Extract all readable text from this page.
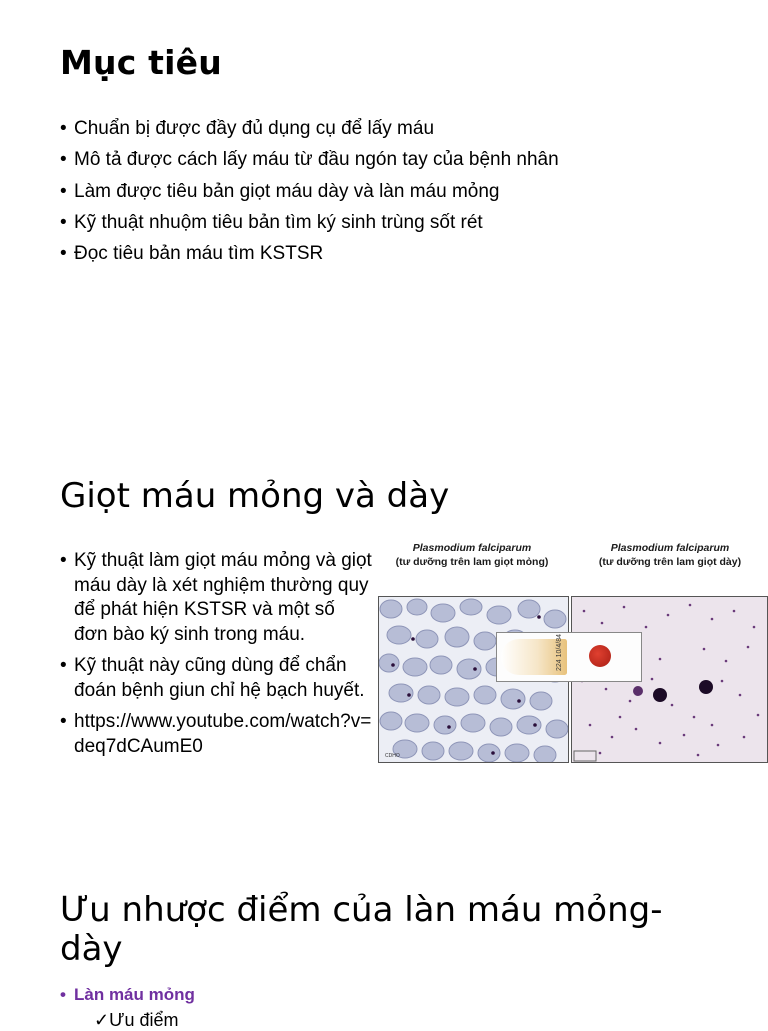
Mục tiêu
• Chuẩn bị được đầy đủ dụng cụ để lấy máu
• Mô tả được cách lấy máu từ đầu ngón tay của bệnh nhân
• Làm được tiêu bản giọt máu dày và làn máu mỏng
• Kỹ thuật nhuộm tiêu bản tìm ký sinh trùng sốt rét
• Đọc tiêu bản máu tìm KSTSR
Giọt máu mỏng và dày
• Kỹ thuật làm giọt máu mỏng và giọt máu dày là xét nghiệm thường quy để phát hiện KSTSR và một số đơn bào ký sinh trong máu.
• Kỹ thuật này cũng dùng để chẩn đoán bệnh giun chỉ hệ bạch huyết.
• https://www.youtube.com/watch?v=deq7dCAumE0
Plasmodium falciparum
(tư dưỡng trên lam giọt mỏng)
Plasmodium falciparum
(tư dưỡng trên lam giọt dày)
CDHO
224 10/4/84
Ưu nhược điểm của làn máu mỏng-dày
• Làn máu mỏng
✓Ưu điểm
